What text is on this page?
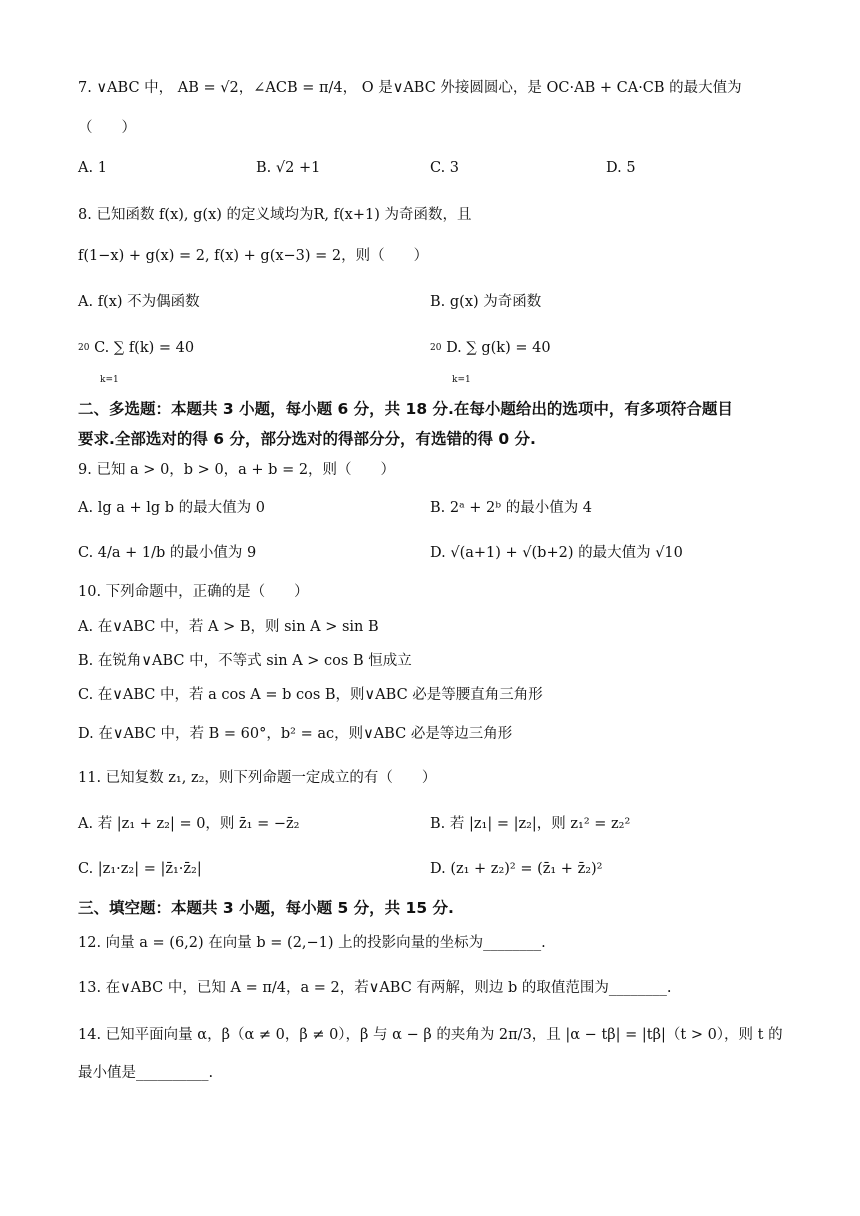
7. ∨ABC 中， AB = √2，∠ACB = π/4， O 是∨ABC 外接圆圆心，是 OC·AB + CA·CB 的最大值为
（　　）
A. 1	B. √2 +1	C. 3	D. 5
8. 已知函数 f(x), g(x) 的定义域均为R, f(x+1) 为奇函数，且
f(1−x) + g(x) = 2, f(x) + g(x−3) = 2，则（　　）
A. f(x) 不为偶函数	B. g(x) 为奇函数
20 C. ∑ f(k) = 40
k=1
20 D. ∑ g(k) = 40
k=1
二、多选题：本题共 3 小题，每小题 6 分，共 18 分.在每小题给出的选项中，有多项符合题目
要求.全部选对的得 6 分，部分选对的得部分分，有选错的得 0 分.
9. 已知 a > 0，b > 0，a + b = 2，则（　　）
A. lg a + lg b 的最大值为 0	B. 2ᵃ + 2ᵇ 的最小值为 4
C. 4/a + 1/b 的最小值为 9	D. √(a+1) + √(b+2) 的最大值为 √10
10. 下列命题中，正确的是（　　）
A. 在∨ABC 中，若 A > B，则 sin A > sin B
B. 在锐角∨ABC 中，不等式 sin A > cos B 恒成立
C. 在∨ABC 中，若 a cos A = b cos B，则∨ABC 必是等腰直角三角形
D. 在∨ABC 中，若 B = 60°，b² = ac，则∨ABC 必是等边三角形
11. 已知复数 z₁, z₂，则下列命题一定成立的有（　　）
A. 若 |z₁ + z₂| = 0，则 z̄₁ = −z̄₂	B. 若 |z₁| = |z₂|，则 z₁² = z₂²
C. |z₁·z₂| = |z̄₁·z̄₂|	D. (z₁ + z₂)² = (z̄₁ + z̄₂)²
三、填空题：本题共 3 小题，每小题 5 分，共 15 分.
12. 向量 a = (6,2) 在向量 b = (2,−1) 上的投影向量的坐标为________.
13. 在∨ABC 中，已知 A = π/4，a = 2，若∨ABC 有两解，则边 b 的取值范围为________.
14. 已知平面向量 α，β（α ≠ 0，β ≠ 0），β 与 α − β 的夹角为 2π/3，且 |α − tβ| = |tβ|（t > 0），则 t 的
最小值是__________.
